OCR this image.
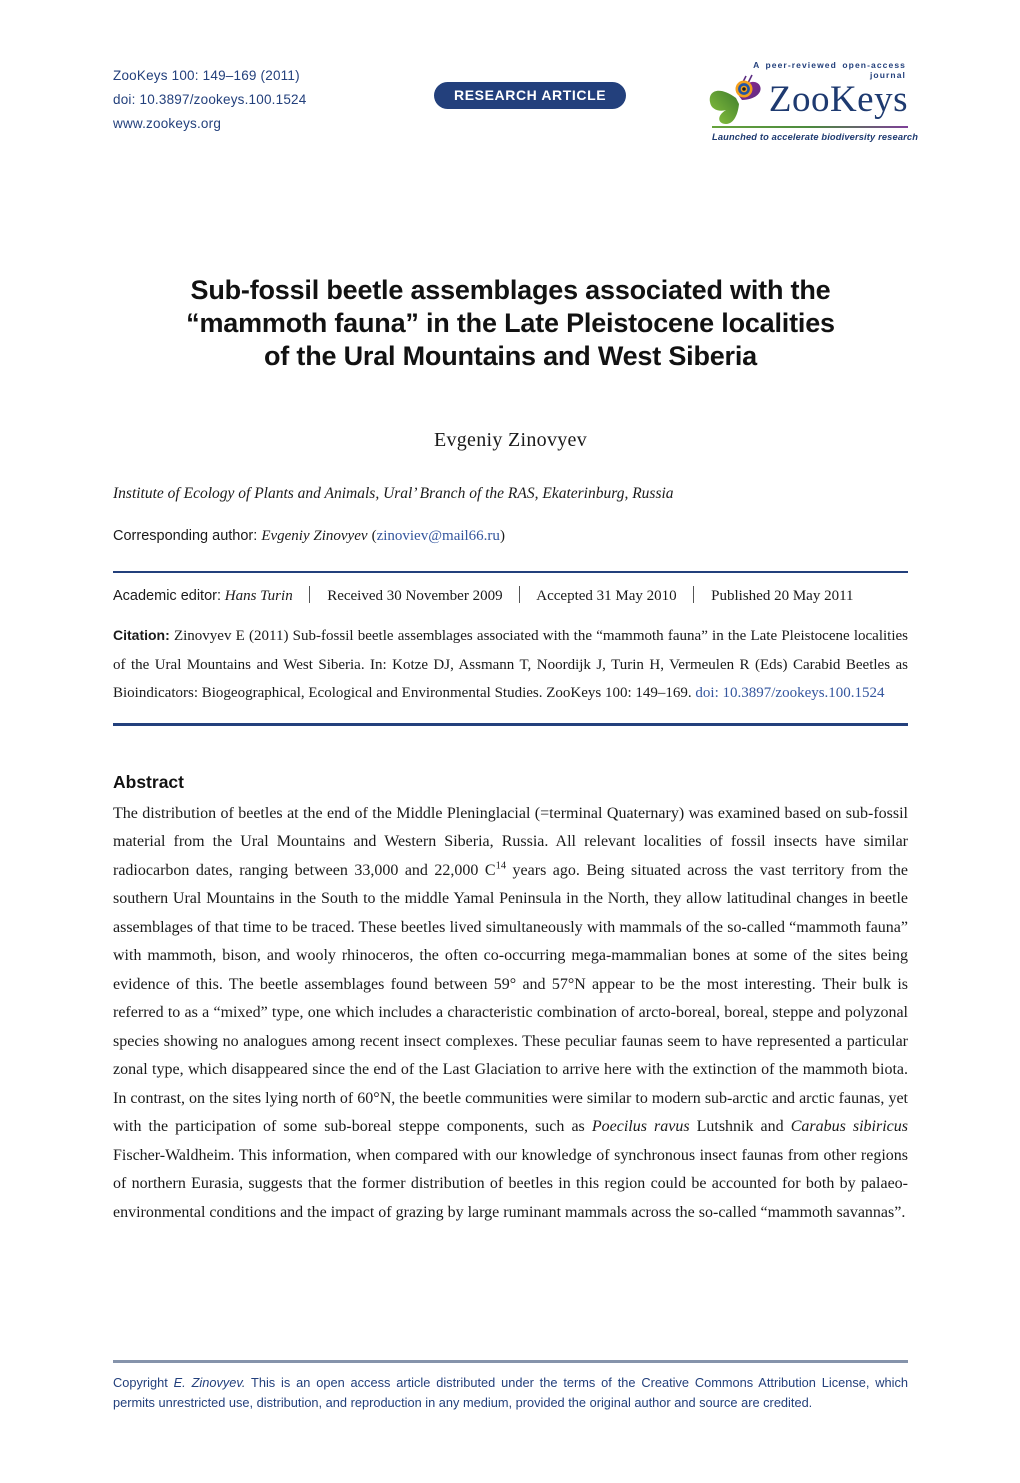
ZooKeys 100: 149–169 (2011)
doi: 10.3897/zookeys.100.1524
www.zookeys.org
RESEARCH ARTICLE
A peer-reviewed open-access journal
ZooKeys
Launched to accelerate biodiversity research
Sub-fossil beetle assemblages associated with the
“mammoth fauna” in the Late Pleistocene localities
of the Ural Mountains and West Siberia
Evgeniy Zinovyev
Institute of Ecology of Plants and Animals, Ural’ Branch of the RAS, Ekaterinburg, Russia
Corresponding author: Evgeniy Zinovyev (zinoviev@mail66.ru)
Academic editor: Hans Turin Received 30 November 2009 Accepted 31 May 2010 Published 20 May 2011
Citation: Zinovyev E (2011) Sub-fossil beetle assemblages associated with the “mammoth fauna” in the Late Pleistocene localities of the Ural Mountains and West Siberia. In: Kotze DJ, Assmann T, Noordijk J, Turin H, Vermeulen R (Eds) Carabid Beetles as Bioindicators: Biogeographical, Ecological and Environmental Studies. ZooKeys 100: 149–169. doi: 10.3897/zookeys.100.1524
Abstract
The distribution of beetles at the end of the Middle Pleninglacial (=terminal Quaternary) was examined based on sub-fossil material from the Ural Mountains and Western Siberia, Russia. All relevant localities of fossil insects have similar radiocarbon dates, ranging between 33,000 and 22,000 $C^{14}$ years ago. Being situated across the vast territory from the southern Ural Mountains in the South to the middle Yamal Peninsula in the North, they allow latitudinal changes in beetle assemblages of that time to be traced. These beetles lived simultaneously with mammals of the so-called “mammoth fauna” with mammoth, bison, and wooly rhinoceros, the often co-occurring mega-mammalian bones at some of the sites being evidence of this. The beetle assemblages found between 59° and 57°N appear to be the most interesting. Their bulk is referred to as a “mixed” type, one which includes a characteristic combination of arcto-boreal, boreal, steppe and polyzonal species showing no analogues among recent insect complexes. These peculiar faunas seem to have represented a particular zonal type, which disappeared since the end of the Last Glaciation to arrive here with the extinction of the mammoth biota. In contrast, on the sites lying north of 60°N, the beetle communities were similar to modern sub-arctic and arctic faunas, yet with the participation of some sub-boreal steppe components, such as Poecilus ravus Lutshnik and Carabus sibiricus Fischer-Waldheim. This information, when compared with our knowledge of synchronous insect faunas from other regions of northern Eurasia, suggests that the former distribution of beetles in this region could be accounted for both by palaeo-environmental conditions and the impact of grazing by large ruminant mammals across the so-called “mammoth savannas”.
Copyright E. Zinovyev. This is an open access article distributed under the terms of the Creative Commons Attribution License, which permits unrestricted use, distribution, and reproduction in any medium, provided the original author and source are credited.
